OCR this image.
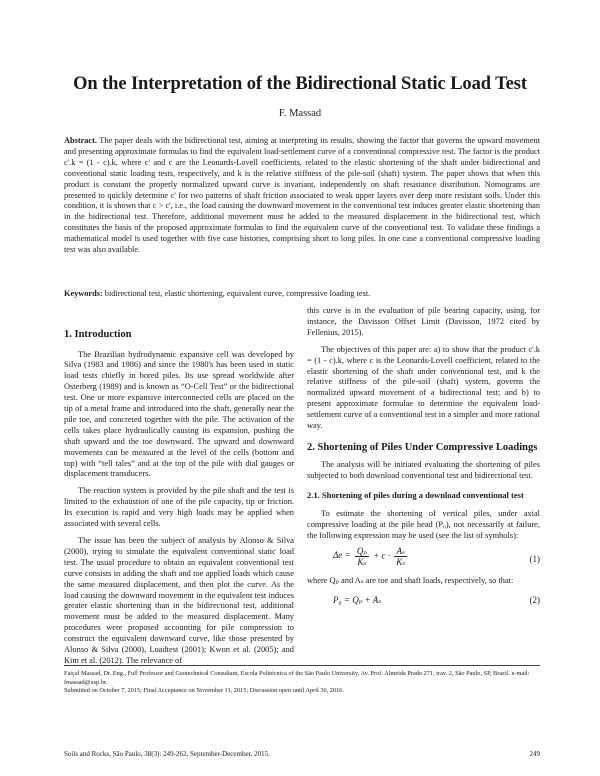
On the Interpretation of the Bidirectional Static Load Test
F. Massad
Abstract. The paper deals with the bidirectional test, aiming at interpreting its results, showing the factor that governs the upward movement and presenting approximate formulas to find the equivalent load-settlement curve of a conventional compressive test. The factor is the product c'.k = (1 - c).k, where c' and c are the Leonards-Lovell coefficients, related to the elastic shortening of the shaft under bidirectional and conventional static loading tests, respectively, and k is the relative stiffness of the pile-soil (shaft) system. The paper shows that when this product is constant the properly normalized upward curve is invariant, independently on shaft resistance distribution. Nomograms are presented to quickly determine c' for two patterns of shaft friction associated to weak upper layers over deep more resistant soils. Under this condition, it is shown that c > c', i.e., the load causing the downward movement in the conventional test induces greater elastic shortening than in the bidirectional test. Therefore, additional movement must be added to the measured displacement in the bidirectional test, which constitutes the basis of the proposed approximate formulas to find the equivalent curve of the conventional test. To validate these findings a mathematical model is used together with five case histories, comprising short to long piles. In one case a conventional compressive loading test was also available.
Keywords: bidirectional test, elastic shortening, equivalent curve, compressive loading test.
1. Introduction

The Brazilian hydrodynamic expansive cell was developed by Silva (1983 and 1986) and since the 1980's has been used in static load tests chiefly in bored piles. Its use spread worldwide after Osterberg (1989) and is known as “O-Cell Test” or the bidirectional test. One or more expansive interconnected cells are placed on the tip of a metal frame and introduced into the shaft, generally near the pile toe, and concreted together with the pile. The activation of the cells takes place hydraulically causing its expansion, pushing the shaft upward and the toe downward. The upward and downward movements can be measured at the level of the cells (bottom and top) with “tell tales” and at the top of the pile with dial gauges or displacement transducers.

The reaction system is provided by the pile shaft and the test is limited to the exhaustion of one of the pile capacity, tip or friction. Its execution is rapid and very high loads may be applied when associated with several cells.

The issue has been the subject of analysis by Alonso & Silva (2000), trying to simulate the equivalent conventional static load test. The usual procedure to obtain an equivalent conventional test curve consists in adding the shaft and toe applied loads which cause the same measured displacement, and then plot the curve. As the load causing the downward movement in the equivalent test induces greater elastic shortening than in the bidirectional test, additional movement must be added to the measured displacement. Many procedures were proposed accounting for pile compression to construct the equivalent downward curve, like those presented by Alonso & Silva (2000), Loadtest (2001); Kwon et al. (2005); and Kim et al. (2012). The relevance of

this curve is in the evaluation of pile bearing capacity, using, for instance, the Davisson Offset Limit (Davisson, 1972 cited by Fellenius, 2015).

The objectives of this paper are: a) to show that the product c'.k = (1 - c).k, where c is the Leonards-Lovell coefficient, related to the elastic shortening of the shaft under conventional test, and k the relative stiffness of the pile-soil (shaft) system, governs the normalized upward movement of a bidirectional test; and b) to present approximate formulae to determine the equivalent load-settlement curve of a conventional test in a simpler and more rational way.

2. Shortening of Piles Under Compressive Loadings

The analysis will be initiated evaluating the shortening of piles subjected to both download conventional test and bidirectional test.

2.1. Shortening of piles during a download conventional test

To estimate the shortening of vertical piles, under axial compressive loading at the pile head (P₀), not necessarily at failure, the following expression may be used (see the list of symbols):

$\Delta e = \frac{\text{Qₚ}}{\text{Kₛ}} + c \cdot \frac{\text{Aₛ}}{\text{Kₛ}}$	(1)

where Qₚ and Aₛ are toe and shaft loads, respectively, so that:

P₀ = Qₚ + Aₛ	(2)
Faiçal Massad, Dr. Eng., Full Professor and Geotechnical Consultant, Escola Politécnica of the São Paulo University, Av. Prof. Almeida Prado 271, trav. 2, São Paulo, SP, Brazil. e-mail: fmassad@usp.br.
Submitted on October 7, 2015; Final Acceptance on November 11, 2015; Discussion open until April 30, 2016.
Soils and Rocks, São Paulo, 38(3): 249-262, September-December, 2015.	249
